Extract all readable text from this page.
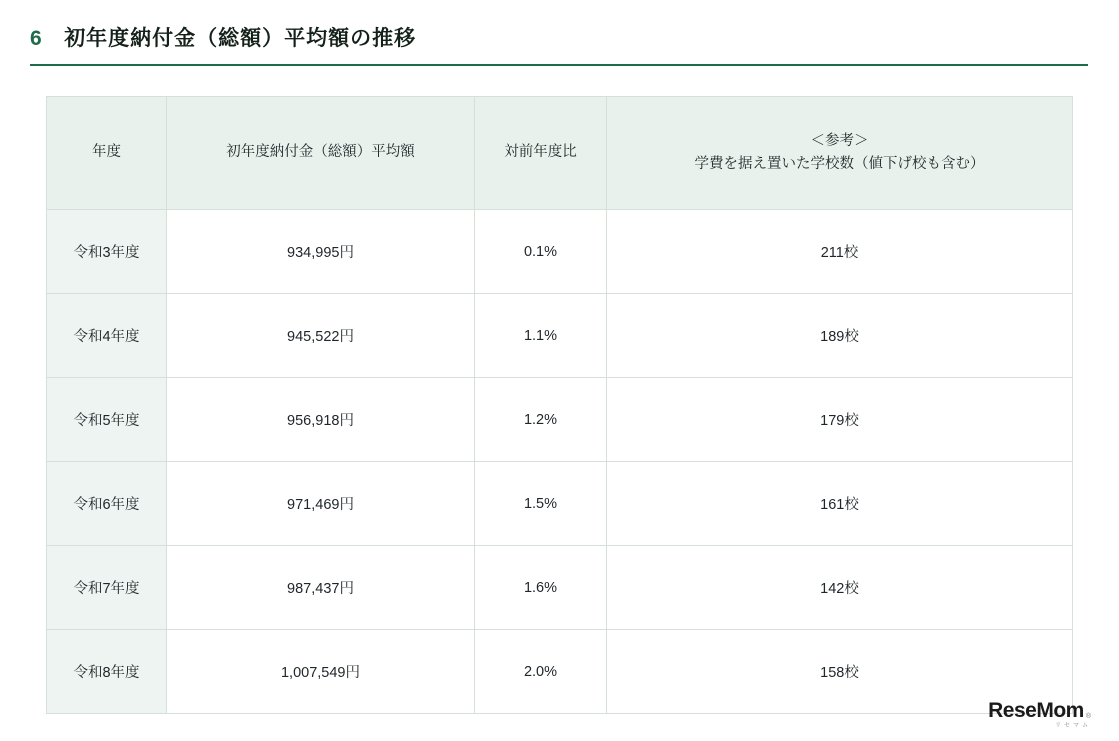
6 初年度納付金（総額）平均額の推移
年度	初年度納付金（総額）平均額	対前年度比	＜参考＞
学費を据え置いた学校数（値下げ校も含む）

令和3年度	934,995円	0.1%	211校
令和4年度	945,522円	1.1%	189校
令和5年度	956,918円	1.2%	179校
令和6年度	971,469円	1.5%	161校
令和7年度	987,437円	1.6%	142校
令和8年度	1,007,549円	2.0%	158校
ReseMom ®
リセマム
